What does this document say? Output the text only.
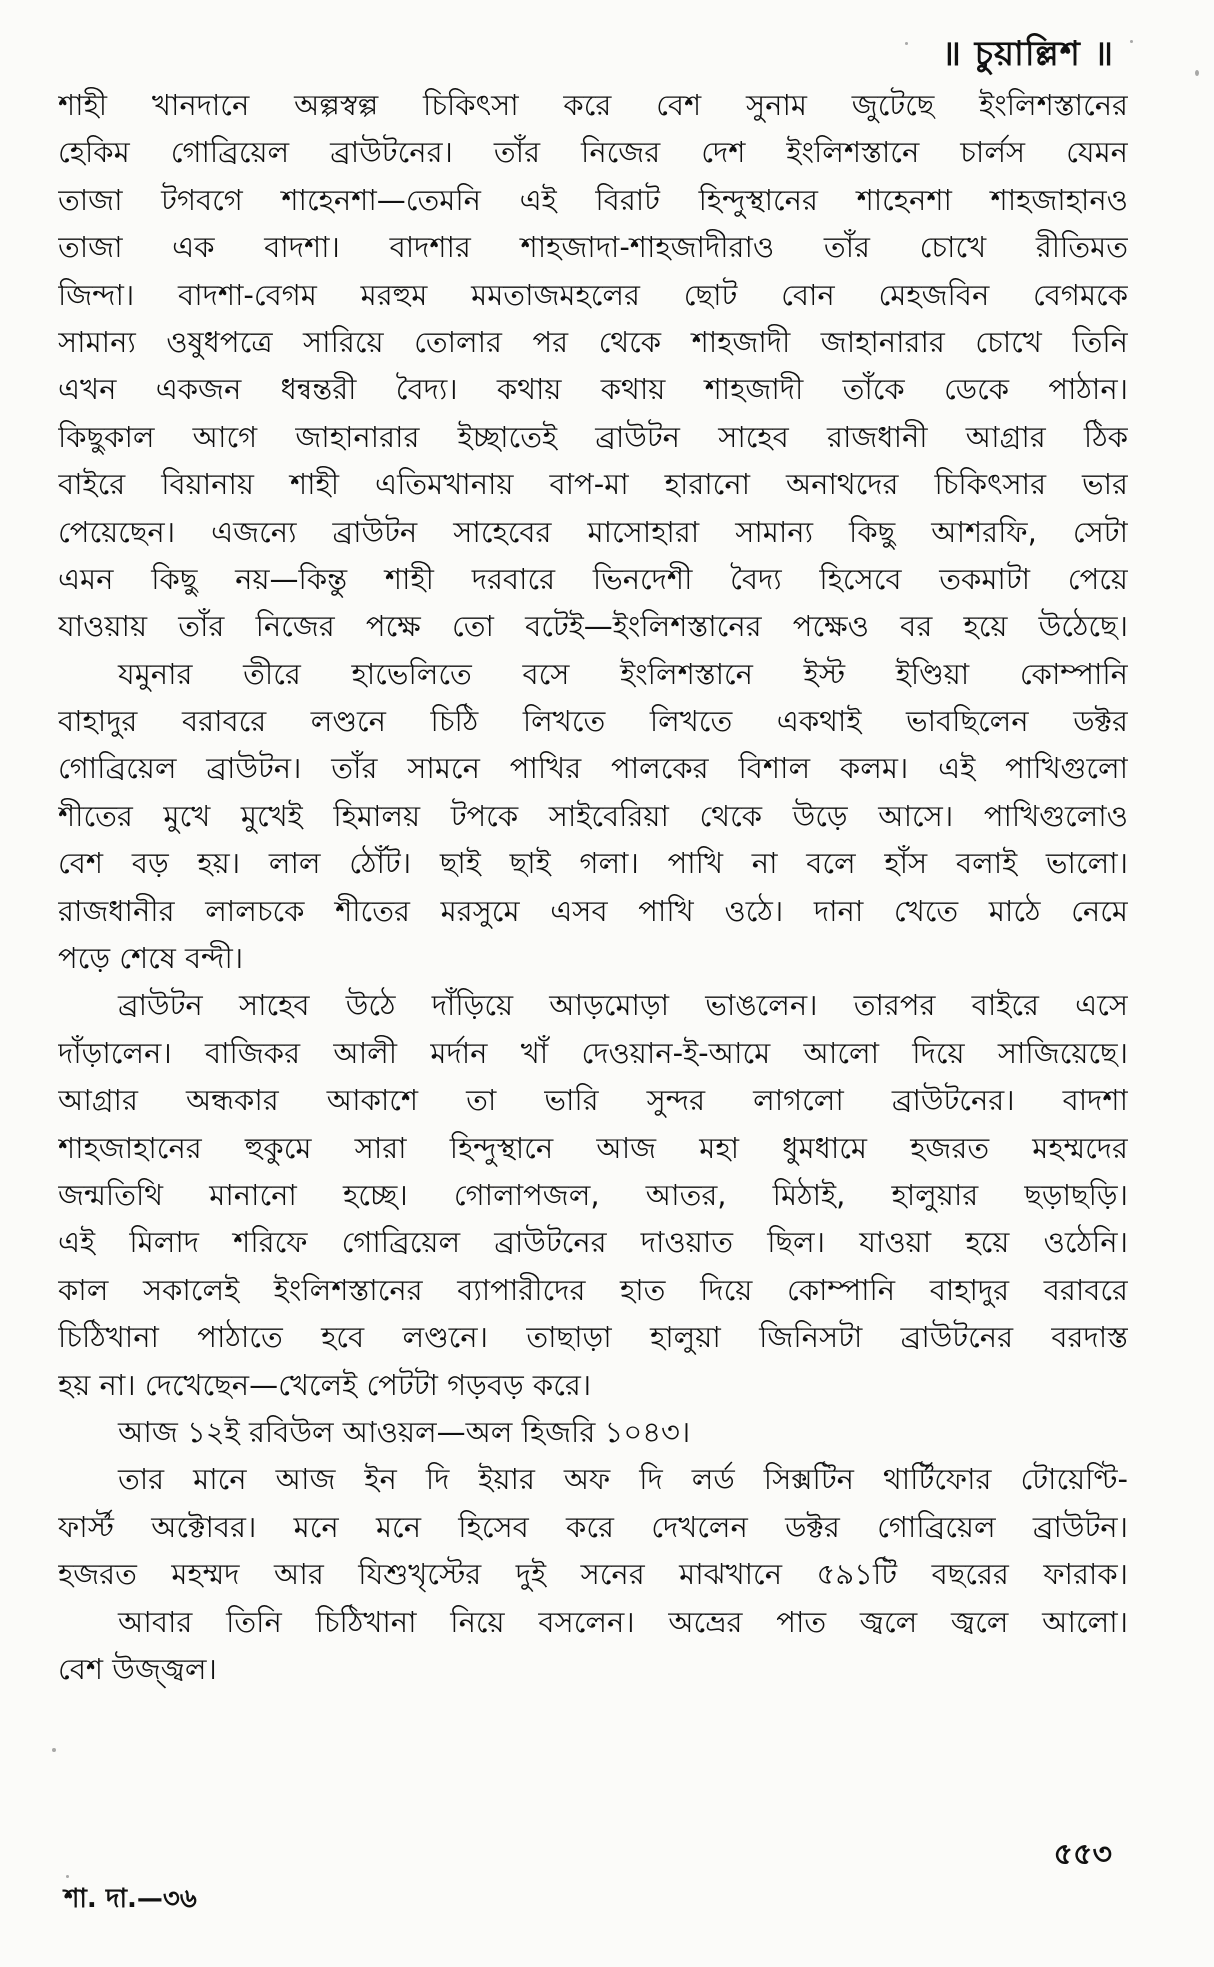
॥ চুয়াল্লিশ ॥
শাহী খানদানে অল্পস্বল্প চিকিৎসা করে বেশ সুনাম জুটেছে ইংলিশস্তানের
হেকিম গোব্রিয়েল ব্রাউটনের। তাঁর নিজের দেশ ইংলিশস্তানে চার্লস যেমন
তাজা টগবগে শাহেনশা—তেমনি এই বিরাট হিন্দুস্থানের শাহেনশা শাহজাহানও
তাজা এক বাদশা। বাদশার শাহজাদা-শাহজাদীরাও তাঁর চোখে রীতিমত
জিন্দা। বাদশা-বেগম মরহুম মমতাজমহলের ছোট বোন মেহজবিন বেগমকে
সামান্য ওষুধপত্রে সারিয়ে তোলার পর থেকে শাহজাদী জাহানারার চোখে তিনি
এখন একজন ধন্বন্তরী বৈদ্য। কথায় কথায় শাহজাদী তাঁকে ডেকে পাঠান।
কিছুকাল আগে জাহানারার ইচ্ছাতেই ব্রাউটন সাহেব রাজধানী আগ্রার ঠিক
বাইরে বিয়ানায় শাহী এতিমখানায় বাপ-মা হারানো অনাথদের চিকিৎসার ভার
পেয়েছেন। এজন্যে ব্রাউটন সাহেবের মাসোহারা সামান্য কিছু আশরফি, সেটা
এমন কিছু নয়—কিন্তু শাহী দরবারে ভিনদেশী বৈদ্য হিসেবে তকমাটা পেয়ে
যাওয়ায় তাঁর নিজের পক্ষে তো বটেই—ইংলিশস্তানের পক্ষেও বর হয়ে উঠেছে।
যমুনার তীরে হাভেলিতে বসে ইংলিশস্তানে ইস্ট ইণ্ডিয়া কোম্পানি
বাহাদুর বরাবরে লণ্ডনে চিঠি লিখতে লিখতে একথাই ভাবছিলেন ডক্টর
গোব্রিয়েল ব্রাউটন। তাঁর সামনে পাখির পালকের বিশাল কলম। এই পাখিগুলো
শীতের মুখে মুখেই হিমালয় টপকে সাইবেরিয়া থেকে উড়ে আসে। পাখিগুলোও
বেশ বড় হয়। লাল ঠোঁট। ছাই ছাই গলা। পাখি না বলে হাঁস বলাই ভালো।
রাজধানীর লালচকে শীতের মরসুমে এসব পাখি ওঠে। দানা খেতে মাঠে নেমে
পড়ে শেষে বন্দী।
ব্রাউটন সাহেব উঠে দাঁড়িয়ে আড়মোড়া ভাঙলেন। তারপর বাইরে এসে
দাঁড়ালেন। বাজিকর আলী মর্দান খাঁ দেওয়ান-ই-আমে আলো দিয়ে সাজিয়েছে।
আগ্রার অন্ধকার আকাশে তা ভারি সুন্দর লাগলো ব্রাউটনের। বাদশা
শাহজাহানের হুকুমে সারা হিন্দুস্থানে আজ মহা ধুমধামে হজরত মহম্মদের
জন্মতিথি মানানো হচ্ছে। গোলাপজল, আতর, মিঠাই, হালুয়ার ছড়াছড়ি।
এই মিলাদ শরিফে গোব্রিয়েল ব্রাউটনের দাওয়াত ছিল। যাওয়া হয়ে ওঠেনি।
কাল সকালেই ইংলিশস্তানের ব্যাপারীদের হাত দিয়ে কোম্পানি বাহাদুর বরাবরে
চিঠিখানা পাঠাতে হবে লণ্ডনে। তাছাড়া হালুয়া জিনিসটা ব্রাউটনের বরদাস্ত
হয় না। দেখেছেন—খেলেই পেটটা গড়বড় করে।
আজ ১২ই রবিউল আওয়ল—অল হিজরি ১০৪৩।
তার মানে আজ ইন দি ইয়ার অফ দি লর্ড সিক্সটিন থার্টিফোর টোয়েণ্টি-
ফার্স্ট অক্টোবর। মনে মনে হিসেব করে দেখলেন ডক্টর গোব্রিয়েল ব্রাউটন।
হজরত মহম্মদ আর যিশুখৃস্টের দুই সনের মাঝখানে ৫৯১টি বছরের ফারাক।
আবার তিনি চিঠিখানা নিয়ে বসলেন। অভ্রের পাত জ্বলে জ্বলে আলো।
বেশ উজ্জ্বল।
৫৫৩
শা. দা.—৩৬
